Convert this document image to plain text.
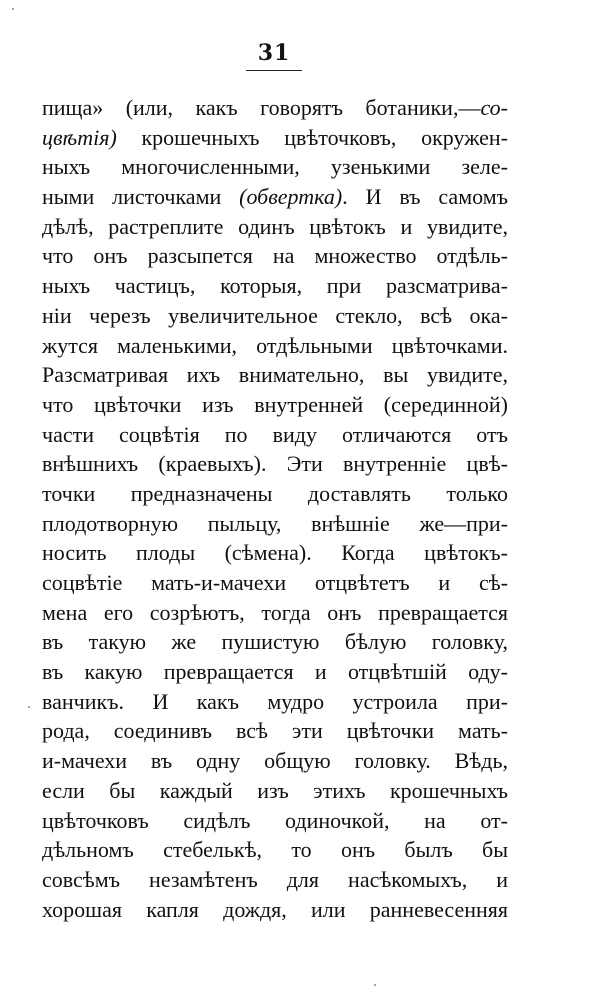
31
пища» (или, какъ говорятъ ботаники,—со-
цвѣтія) крошечныхъ цвѣточковъ, окружен-
ныхъ многочисленными, узенькими зеле-
ными листочками (обвертка). И въ самомъ
дѣлѣ, растреплите одинъ цвѣтокъ и увидите,
что онъ разсыпется на множество отдѣль-
ныхъ частицъ, которыя, при разсматрива-
ніи черезъ увеличительное стекло, всѣ ока-
жутся маленькими, отдѣльными цвѣточками.
Разсматривая ихъ внимательно, вы увидите,
что цвѣточки изъ внутренней (серединной)
части соцвѣтія по виду отличаются отъ
внѣшнихъ (краевыхъ). Эти внутренніе цвѣ-
точки предназначены доставлять только
плодотворную пыльцу, внѣшніе же—при-
носить плоды (сѣмена). Когда цвѣтокъ-
соцвѣтіе мать-и-мачехи отцвѣтетъ и сѣ-
мена его созрѣютъ, тогда онъ превращается
въ такую же пушистую бѣлую головку,
въ какую превращается и отцвѣтшій оду-
ванчикъ. И какъ мудро устроила при-
рода, соединивъ всѣ эти цвѣточки мать-
и-мачехи въ одну общую головку. Вѣдь,
если бы каждый изъ этихъ крошечныхъ
цвѣточковъ сидѣлъ одиночкой, на от-
дѣльномъ стебелькѣ, то онъ былъ бы
совсѣмъ незамѣтенъ для насѣкомыхъ, и
хорошая капля дождя, или ранневесенняя
